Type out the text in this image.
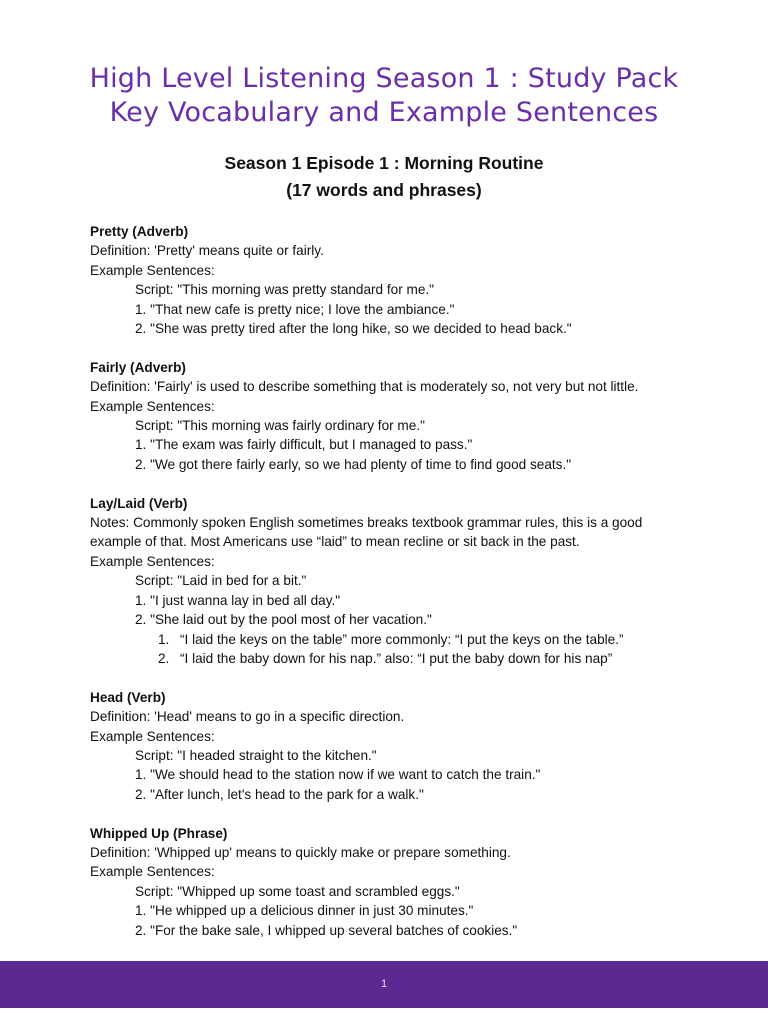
High Level Listening Season 1 : Study Pack
Key Vocabulary and Example Sentences
Season 1 Episode 1 : Morning Routine
(17 words and phrases)
Pretty (Adverb)
Definition: 'Pretty' means quite or fairly.
Example Sentences:
Script: "This morning was pretty standard for me."
1. "That new cafe is pretty nice; I love the ambiance."
2. "She was pretty tired after the long hike, so we decided to head back."
Fairly (Adverb)
Definition: 'Fairly' is used to describe something that is moderately so, not very but not little.
Example Sentences:
Script: "This morning was fairly ordinary for me."
1. "The exam was fairly difficult, but I managed to pass."
2. "We got there fairly early, so we had plenty of time to find good seats."
Lay/Laid (Verb)
Notes: Commonly spoken English sometimes breaks textbook grammar rules, this is a good
example of that. Most Americans use “laid” to mean recline or sit back in the past.
Example Sentences:
Script: "Laid in bed for a bit."
1. "I just wanna lay in bed all day."
2. "She laid out by the pool most of her vacation."
1. “I laid the keys on the table” more commonly: “I put the keys on the table.”
2. “I laid the baby down for his nap.” also: “I put the baby down for his nap”
Head (Verb)
Definition: 'Head' means to go in a specific direction.
Example Sentences:
Script: "I headed straight to the kitchen."
1. "We should head to the station now if we want to catch the train."
2. "After lunch, let's head to the park for a walk."
Whipped Up (Phrase)
Definition: 'Whipped up' means to quickly make or prepare something.
Example Sentences:
Script: "Whipped up some toast and scrambled eggs."
1. "He whipped up a delicious dinner in just 30 minutes."
2. "For the bake sale, I whipped up several batches of cookies."
1
